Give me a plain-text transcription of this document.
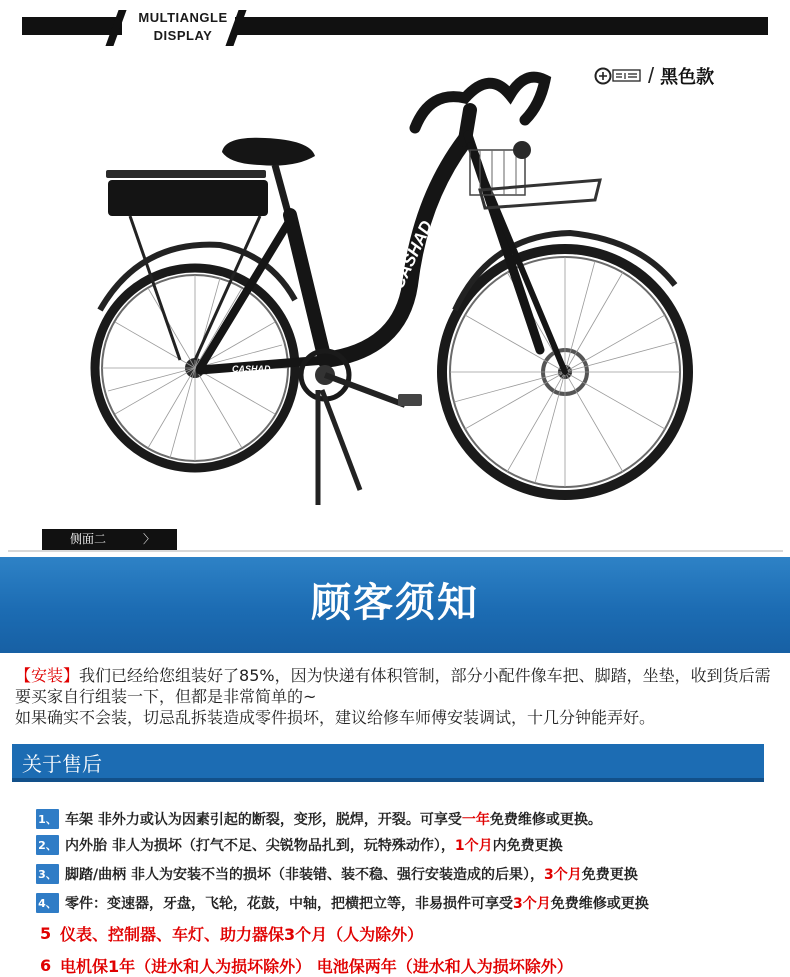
MULTIANGLE
DISPLAY
/ 黑色款
CASHAD
CASHAD
侧面二	〉
顾客须知

【安装】我们已经给您组装好了85%，因为快递有体积管制，部分小配件像车把、脚踏，坐垫，收到货后需要买家自行组装一下，但都是非常简单的~

如果确实不会装，切忌乱拆装造成零件损坏，建议给修车师傅安装调试，十几分钟能弄好。

关于售后
1、 车架 非外力或认为因素引起的断裂，变形，脱焊，开裂。可享受 一年 免费维修或更换。
2、 内外胎 非人为损坏（打气不足、尖锐物品扎到，玩特殊动作）， 1个月 内免费更换
3、 脚踏/曲柄 非人为安装不当的损坏（非装错、装不稳、强行安装造成的后果）， 3个月 免费更换
4、 零件：变速器，牙盘，飞轮，花鼓，中轴，把横把立等，非易损件可享受 3个月 免费维修或更换
5 仪表、控制器、车灯、助力器保3个月（人为除外）
6 电机保1年（进水和人为损坏除外） 电池保两年（进水和人为损坏除外）
